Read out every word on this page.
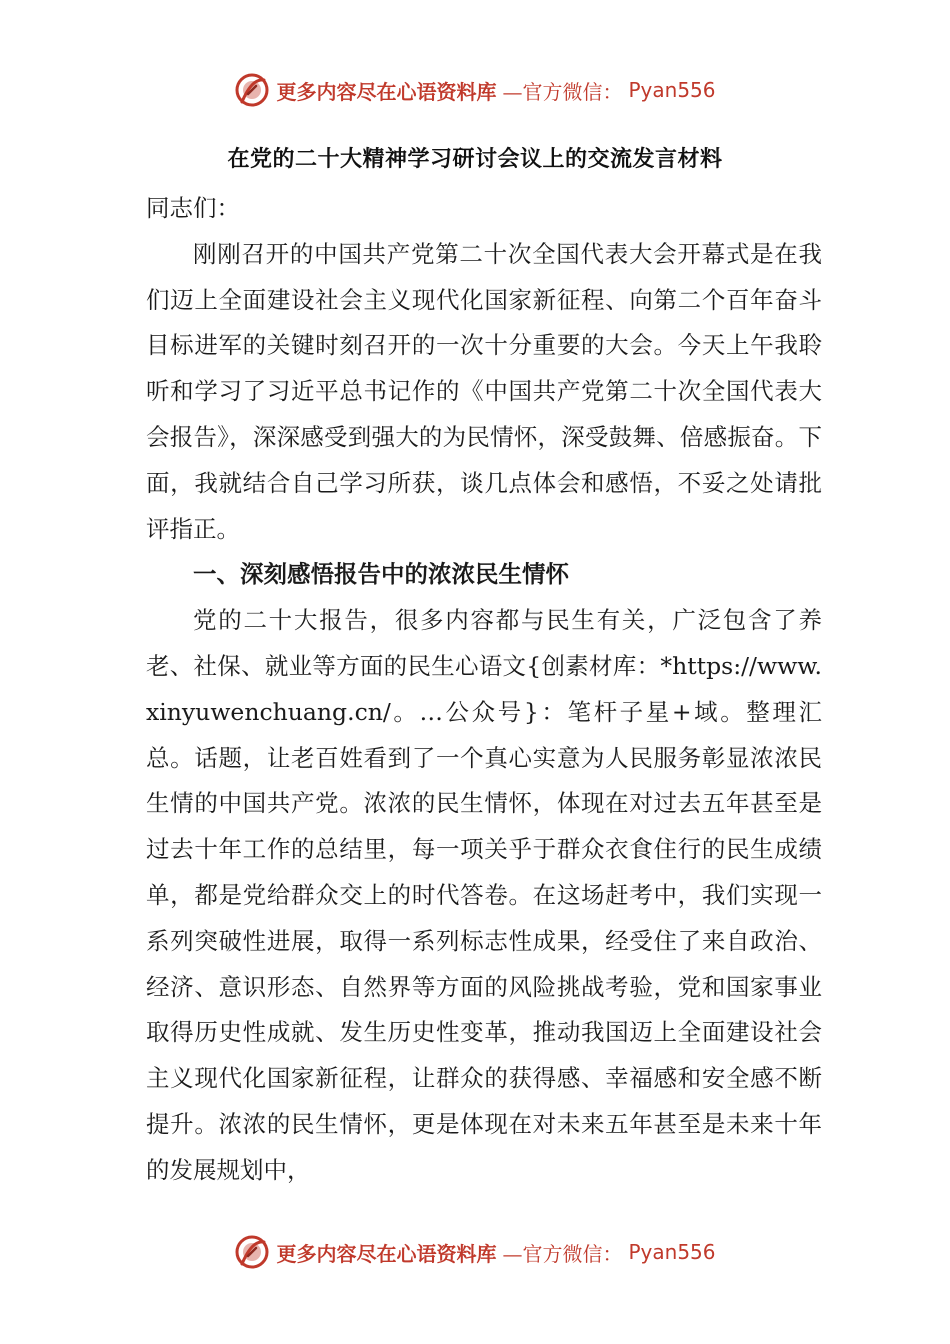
更多内容尽在心语资料库 —官方微信： Pyan556
在党的二十大精神学习研讨会议上的交流发言材料

同志们：

刚刚召开的中国共产党第二十次全国代表大会开幕式是在我们迈上全面建设社会主义现代化国家新征程、向第二个百年奋斗目标进军的关键时刻召开的一次十分重要的大会。今天上午我聆听和学习了习近平总书记作的《中国共产党第二十次全国代表大会报告》，深深感受到强大的为民情怀，深受鼓舞、倍感振奋。下面，我就结合自己学习所获，谈几点体会和感悟，不妥之处请批评指正。

一、深刻感悟报告中的浓浓民生情怀

党的二十大报告，很多内容都与民生有关，广泛包含了养老、社保、就业等方面的民生心语文{创素材库：*https://www.xinyuwenchuang.cn/。…公众号}：笔杆子星+域。整理汇总。话题，让老百姓看到了一个真心实意为人民服务彰显浓浓民生情的中国共产党。浓浓的民生情怀，体现在对过去五年甚至是过去十年工作的总结里，每一项关乎于群众衣食住行的民生成绩单，都是党给群众交上的时代答卷。在这场赶考中，我们实现一系列突破性进展，取得一系列标志性成果，经受住了来自政治、经济、意识形态、自然界等方面的风险挑战考验，党和国家事业取得历史性成就、发生历史性变革，推动我国迈上全面建设社会主义现代化国家新征程，让群众的获得感、幸福感和安全感不断提升。浓浓的民生情怀，更是体现在对未来五年甚至是未来十年的发展规划中，

更多内容尽在心语资料库 —官方微信： Pyan556
